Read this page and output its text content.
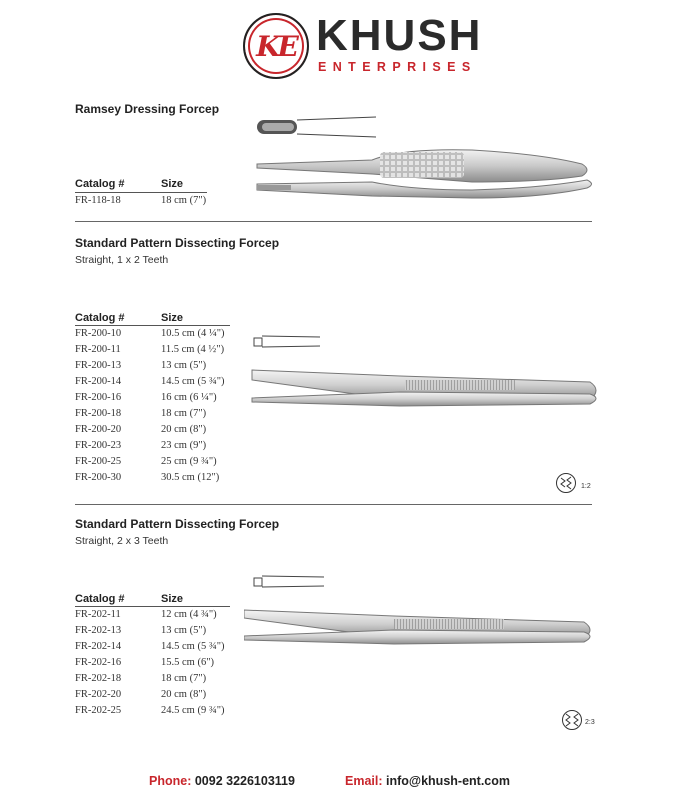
KE KHUSH
ENTERPRISES
Ramsey Dressing Forcep
Catalog #	Size
FR-118-18	18 cm (7")
Standard Pattern Dissecting Forcep
Straight, 1 x 2 Teeth
Catalog #	Size
FR-200-10	10.5 cm (4 ¼")
FR-200-11	11.5 cm (4 ½")
FR-200-13	13 cm (5")
FR-200-14	14.5 cm (5 ¾")
FR-200-16	16 cm (6 ¼")
FR-200-18	18 cm (7")
FR-200-20	20 cm (8")
FR-200-23	23 cm (9")
FR-200-25	25 cm (9 ¾")
FR-200-30	30.5 cm (12")
1:2
Standard Pattern Dissecting Forcep
Straight, 2 x 3 Teeth
Catalog #	Size
FR-202-11	12 cm (4 ¾")
FR-202-13	13 cm (5")
FR-202-14	14.5 cm (5 ¾")
FR-202-16	15.5 cm (6")
FR-202-18	18 cm (7")
FR-202-20	20 cm (8")
FR-202-25	24.5 cm (9 ¾")
2:3
Phone: 0092 3226103119	Email: info@khush-ent.com
